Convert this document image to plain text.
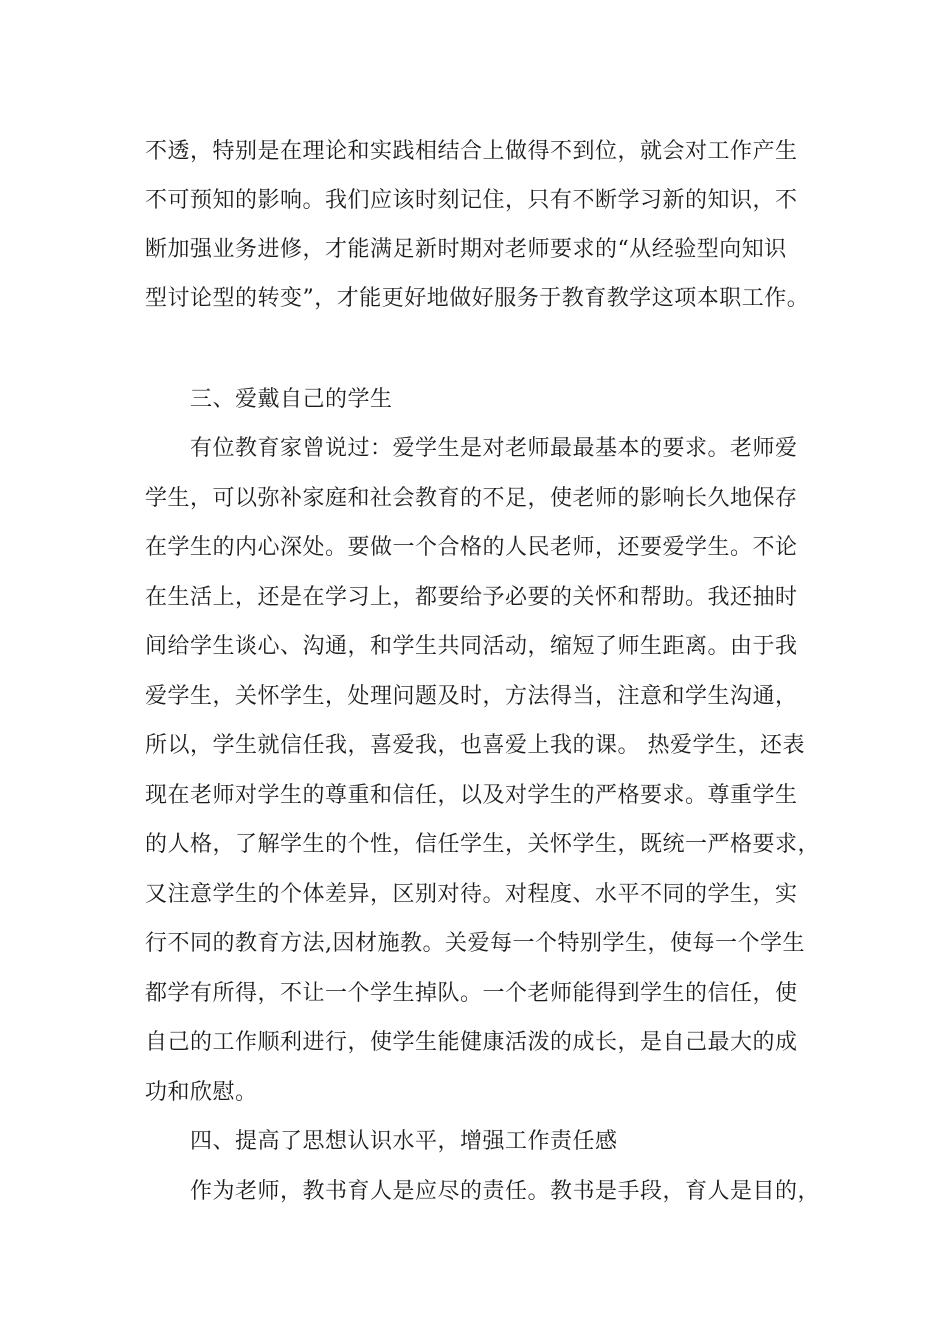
不透，特别是在理论和实践相结合上做得不到位，就会对工作产生

不可预知的影响。我们应该时刻记住，只有不断学习新的知识，不

断加强业务进修，才能满足新时期对老师要求的“从经验型向知识

型讨论型的转变”，才能更好地做好服务于教育教学这项本职工作。

三、爱戴自己的学生

有位教育家曾说过：爱学生是对老师最最基本的要求。老师爱

学生，可以弥补家庭和社会教育的不足，使老师的影响长久地保存

在学生的内心深处。要做一个合格的人民老师，还要爱学生。不论

在生活上，还是在学习上，都要给予必要的关怀和帮助。我还抽时

间给学生谈心、沟通，和学生共同活动，缩短了师生距离。由于我

爱学生，关怀学生，处理问题及时，方法得当，注意和学生沟通，

所以，学生就信任我，喜爱我，也喜爱上我的课。 热爱学生，还表

现在老师对学生的尊重和信任，以及对学生的严格要求。尊重学生

的人格，了解学生的个性，信任学生，关怀学生，既统一严格要求，

又注意学生的个体差异，区别对待。对程度、水平不同的学生，实

行不同的教育方法,因材施教。关爱每一个特别学生，使每一个学生

都学有所得，不让一个学生掉队。一个老师能得到学生的信任，使

自己的工作顺利进行，使学生能健康活泼的成长，是自己最大的成

功和欣慰。

四、提高了思想认识水平，增强工作责任感

作为老师，教书育人是应尽的责任。教书是手段，育人是目的，
